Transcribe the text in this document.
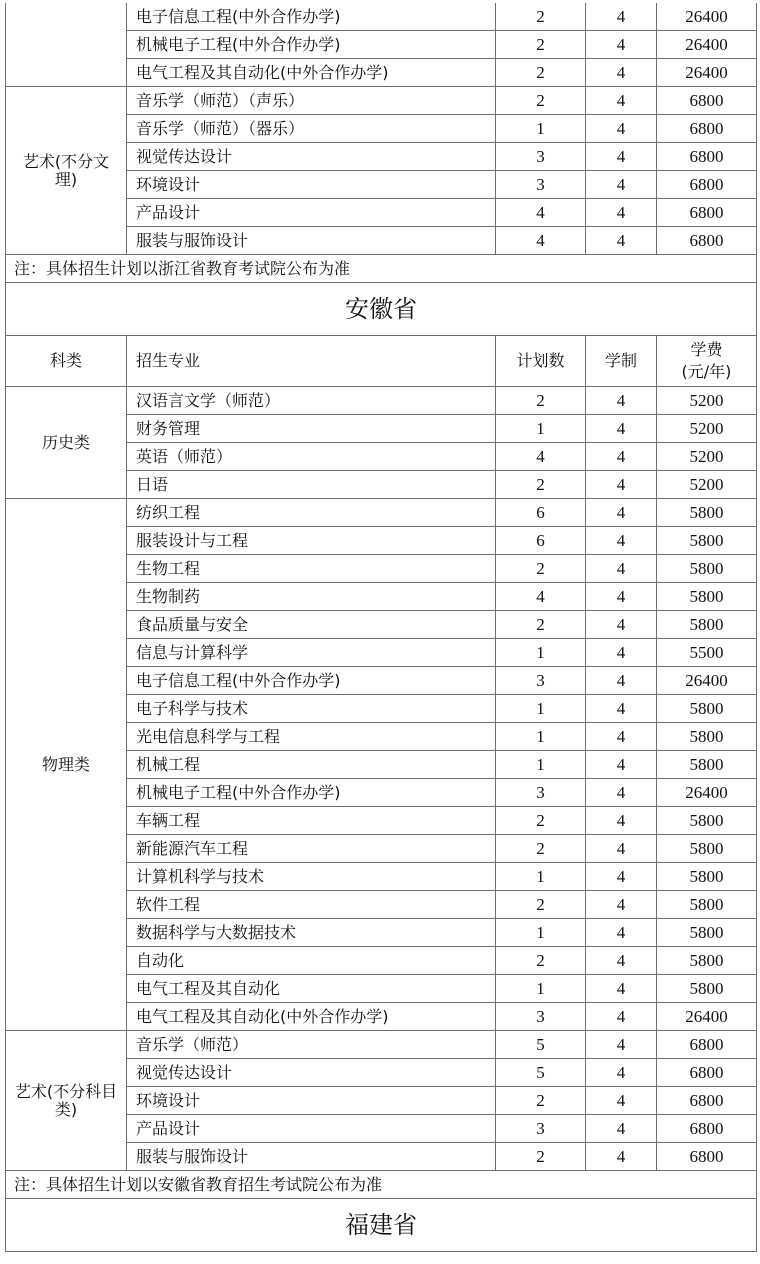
	电子信息工程(中外合作办学)	2	4	26400
	机械电子工程(中外合作办学)	2	4	26400
	电气工程及其自动化(中外合作办学)	2	4	26400
艺术(不分文理)	音乐学（师范）（声乐）	2	4	6800
	音乐学（师范）（器乐）	1	4	6800
	视觉传达设计	3	4	6800
	环境设计	3	4	6800
	产品设计	4	4	6800
	服装与服饰设计	4	4	6800
注：具体招生计划以浙江省教育考试院公布为准				
安徽省				
科类	招生专业	计划数	学制	学费
(元/年)

历史类	汉语言文学（师范）	2	4	5200
	财务管理	1	4	5200
	英语（师范）	4	4	5200
	日语	2	4	5200
物理类	纺织工程	6	4	5800
	服装设计与工程	6	4	5800
	生物工程	2	4	5800
	生物制药	4	4	5800
	食品质量与安全	2	4	5800
	信息与计算科学	1	4	5500
	电子信息工程(中外合作办学)	3	4	26400
	电子科学与技术	1	4	5800
	光电信息科学与工程	1	4	5800
	机械工程	1	4	5800
	机械电子工程(中外合作办学)	3	4	26400
	车辆工程	2	4	5800
	新能源汽车工程	2	4	5800
	计算机科学与技术	1	4	5800
	软件工程	2	4	5800
	数据科学与大数据技术	1	4	5800
	自动化	2	4	5800
	电气工程及其自动化	1	4	5800
	电气工程及其自动化(中外合作办学)	3	4	26400
艺术(不分科目类)	音乐学（师范）	5	4	6800
	视觉传达设计	5	4	6800
	环境设计	2	4	6800
	产品设计	3	4	6800
	服装与服饰设计	2	4	6800
注：具体招生计划以安徽省教育招生考试院公布为准				
福建省				
